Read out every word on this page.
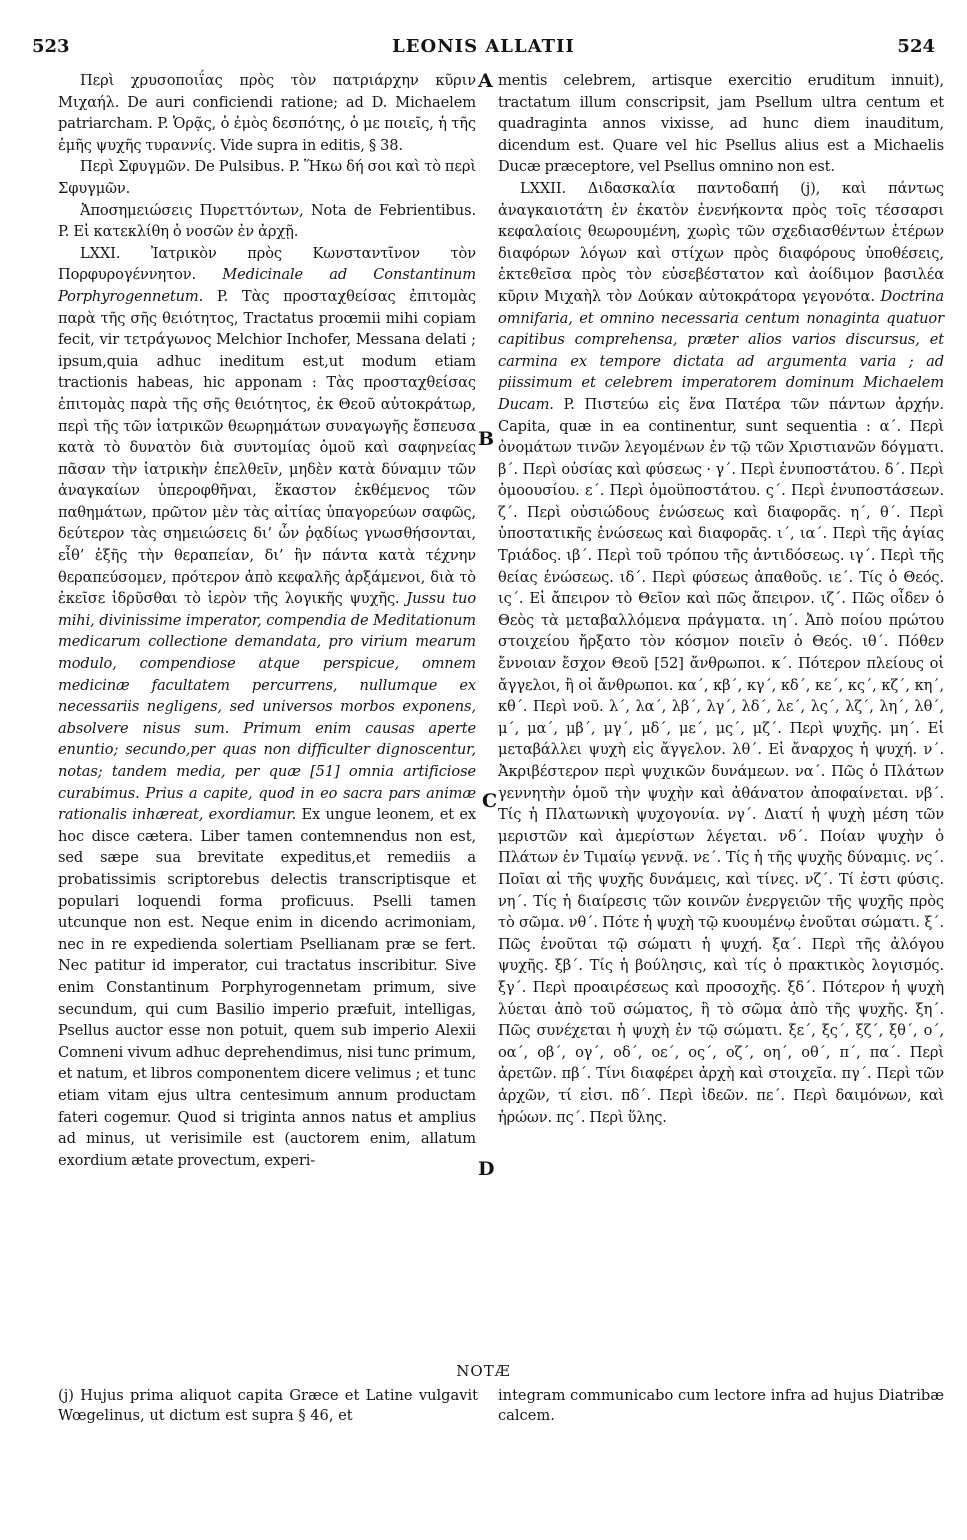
523	LEONIS ALLATII	524
A
B
C
D

Περὶ χρυσοποιΐας πρὸς τὸν πατριάρχην κῦριν Μιχαήλ. De auri conficiendi ratione; ad D. Michaelem patriarcham. P. Ὁρᾷς, ὁ ἐμὸς δεσπότης, ὁ με ποιεῖς, ἡ τῆς ἐμῆς ψυχῆς τυραννίς. Vide supra in editis, § 38.

Περὶ Σφυγμῶν. De Pulsibus. P. Ἥκω δή σοι καὶ τὸ περὶ Σφυγμῶν.

Ἀποσημειώσεις Πυρεττόντων, Nota de Febrientibus. P. Εἰ κατεκλίθη ὁ νοσῶν ἐν ἀρχῇ.

LXXI. Ἰατρικὸν πρὸς Κωνσταντῖνον τὸν Πορφυρογέννητον. Medicinale ad Constantinum Porphyrogennetum. P. Τὰς προσταχθείσας ἐπιτομὰς παρὰ τῆς σῆς θειότητος, Tractatus proœmii mihi copiam fecit, vir τετράγωνος Melchior Inchofer, Messana delati ; ipsum,quia adhuc ineditum est,ut modum etiam tractionis habeas, hic apponam : Τὰς προσταχθείσας ἐπιτομὰς παρὰ τῆς σῆς θειότητος, ἐκ Θεοῦ αὐτοκράτωρ, περὶ τῆς τῶν ἰατρικῶν θεωρημάτων συναγωγῆς ἔσπευσα κατὰ τὸ δυνατὸν διὰ συντομίας ὁμοῦ καὶ σαφηνείας πᾶσαν τὴν ἰατρικὴν ἐπελθεῖν, μηδὲν κατὰ δύναμιν τῶν ἀναγκαίων ὑπεροφθῆναι, ἕκαστον ἐκθέμενος τῶν παθημάτων, πρῶτον μὲν τὰς αἰτίας ὑπαγορεύων σαφῶς, δεύτερον τὰς σημειώσεις δι’ ὧν ῥᾳδίως γνωσθήσονται, εἶθ’ ἑξῆς τὴν θεραπείαν, δι’ ἣν πάντα κατὰ τέχνην θεραπεύσομεν, πρότερον ἀπὸ κεφαλῆς ἀρξάμενοι, διὰ τὸ ἐκεῖσε ἱδρῦσθαι τὸ ἱερὸν τῆς λογικῆς ψυχῆς. Jussu tuo mihi, divinissime imperator, compendia de Meditationum medicarum collectione demandata, pro virium mearum modulo, compendiose atque perspicue, omnem medicinæ facultatem percurrens, nullumque ex necessariis negligens, sed universos morbos exponens, absolvere nisus sum. Primum enim causas aperte enuntio; secundo,per quas non difficulter dignoscentur, notas; tandem media, per quæ [51] omnia artificiose curabimus. Prius a capite, quod in eo sacra pars animæ rationalis inhæreat, exordiamur. Ex ungue leonem, et ex hoc disce cætera. Liber tamen contemnendus non est, sed sæpe sua brevitate expeditus,et remediis a probatissimis scriptorebus delectis transcriptisque et populari loquendi forma proficuus. Pselli tamen utcunque non est. Neque enim in dicendo acrimoniam, nec in re expedienda solertiam Psellianam præ se fert. Nec patitur id imperator, cui tractatus inscribitur. Sive enim Constantinum Porphyrogennetam primum, sive secundum, qui cum Basilio imperio præfuit, intelligas, Psellus auctor esse non potuit, quem sub imperio Alexii Comneni vivum adhuc deprehendimus, nisi tunc primum, et natum, et libros componentem dicere velimus ; et tunc etiam vitam ejus ultra centesimum annum productam fateri cogemur. Quod si triginta annos natus et amplius ad minus, ut verisimile est (auctorem enim, allatum exordium ætate provectum, experi-

mentis celebrem, artisque exercitio eruditum innuit), tractatum illum conscripsit, jam Psellum ultra centum et quadraginta annos vixisse, ad hunc diem inauditum, dicendum est. Quare vel hic Psellus alius est a Michaelis Ducæ præceptore, vel Psellus omnino non est.

LXXII. Διδασκαλία παντοδαπή (j), καὶ πάντως ἀναγκαιοτάτη ἐν ἑκατὸν ἐνενήκοντα πρὸς τοῖς τέσσαρσι κεφαλαίοις θεωρουμένη, χωρὶς τῶν σχεδιασθέντων ἑτέρων διαφόρων λόγων καὶ στίχων πρὸς διαφόρους ὑποθέσεις, ἐκτεθεῖσα πρὸς τὸν εὐσεβέστατον καὶ ἀοίδιμον βασιλέα κῦριν Μιχαὴλ τὸν Δούκαν αὐτοκράτορα γεγονότα. Doctrina omnifaria, et omnino necessaria centum nonaginta quatuor capitibus comprehensa, præter alios varios discursus, et carmina ex tempore dictata ad argumenta varia ; ad piissimum et celebrem imperatorem dominum Michaelem Ducam. P. Πιστεύω εἰς ἕνα Πατέρα τῶν πάντων ἀρχήν. Capita, quæ in ea continentur, sunt sequentia : α΄. Περὶ ὀνομάτων τινῶν λεγομένων ἐν τῷ τῶν Χριστιανῶν δόγματι. β΄. Περὶ οὐσίας καὶ φύσεως · γ΄. Περὶ ἐνυποστάτου. δ΄. Περὶ ὁμοουσίου. ε΄. Περὶ ὁμοϋποστάτου. ς΄. Περὶ ἐνυποστάσεων. ζ΄. Περὶ οὐσιώδους ἑνώσεως καὶ διαφορᾶς. η΄, θ΄. Περὶ ὑποστατικῆς ἑνώσεως καὶ διαφορᾶς. ι΄, ια΄. Περὶ τῆς ἁγίας Τριάδος. ιβ΄. Περὶ τοῦ τρόπου τῆς ἀντιδόσεως. ιγ΄. Περὶ τῆς θείας ἑνώσεως. ιδ΄. Περὶ φύσεως ἀπαθοῦς. ιε΄. Τίς ὁ Θεός. ις΄. Εἰ ἄπειρον τὸ Θεῖον καὶ πῶς ἄπειρον. ιζ΄. Πῶς οἶδεν ὁ Θεὸς τὰ μεταβαλλόμενα πράγματα. ιη΄. Ἀπὸ ποίου πρώτου στοιχείου ἤρξατο τὸν κόσμον ποιεῖν ὁ Θεός. ιθ΄. Πόθεν ἔννοιαν ἔσχον Θεοῦ [52] ἄνθρωποι. κ΄. Πότερον πλείους οἱ ἄγγελοι, ἢ οἱ ἄνθρωποι. κα΄, κβ΄, κγ΄, κδ΄, κε΄, κς΄, κζ΄, κη΄, κθ΄. Περὶ νοῦ. λ΄, λα΄, λβ΄, λγ΄, λδ΄, λε΄, λς΄, λζ΄, λη΄, λθ΄, μ΄, μα΄, μβ΄, μγ΄, μδ΄, με΄, μς΄, μζ΄. Περὶ ψυχῆς. μη΄. Εἰ μεταβάλλει ψυχὴ εἰς ἄγγελον. λθ΄. Εἰ ἄναρχος ἡ ψυχή. ν΄. Ἀκριβέστερον περὶ ψυχικῶν δυνάμεων. να΄. Πῶς ὁ Πλάτων γεννητὴν ὁμοῦ τὴν ψυχὴν καὶ ἀθάνατον ἀποφαίνεται. νβ΄. Τίς ἡ Πλατωνικὴ ψυχογονία. νγ΄. Διατί ἡ ψυχὴ μέση τῶν μεριστῶν καὶ ἀμερίστων λέγεται. νδ΄. Ποίαν ψυχὴν ὁ Πλάτων ἐν Τιμαίῳ γεννᾷ. νε΄. Τίς ἡ τῆς ψυχῆς δύναμις. νς΄. Ποῖαι αἱ τῆς ψυχῆς δυνάμεις, καὶ τίνες. νζ΄. Τί ἐστι φύσις. νη΄. Τίς ἡ διαίρεσις τῶν κοινῶν ἐνεργειῶν τῆς ψυχῆς πρὸς τὸ σῶμα. νθ΄. Πότε ἡ ψυχὴ τῷ κυουμένῳ ἐνοῦται σώματι. ξ΄. Πῶς ἑνοῦται τῷ σώματι ἡ ψυχή. ξα΄. Περὶ τῆς ἀλόγου ψυχῆς. ξβ΄. Τίς ἡ βούλησις, καὶ τίς ὁ πρακτικὸς λογισμός. ξγ΄. Περὶ προαιρέσεως καὶ προσοχῆς. ξδ΄. Πότερον ἡ ψυχὴ λύεται ἀπὸ τοῦ σώματος, ἢ τὸ σῶμα ἀπὸ τῆς ψυχῆς. ξη΄. Πῶς συνέχεται ἡ ψυχὴ ἐν τῷ σώματι. ξε΄, ξς΄, ξζ΄, ξθ΄, ο΄, οα΄, οβ΄, ογ΄, οδ΄, οε΄, ος΄, οζ΄, οη΄, οθ΄, π΄, πα΄. Περὶ ἀρετῶν. πβ΄. Τίνι διαφέρει ἀρχὴ καὶ στοιχεῖα. πγ΄. Περὶ τῶν ἀρχῶν, τί εἰσι. πδ΄. Περὶ ἰδεῶν. πε΄. Περὶ δαιμόνων, καὶ ἡρώων. πς΄. Περὶ ὕλης.

NOTÆ
(j) Hujus prima aliquot capita Græce et Latine vulgavit Wœgelinus, ut dictum est supra § 46, et
integram communicabo cum lectore infra ad hujus Diatribæ calcem.
